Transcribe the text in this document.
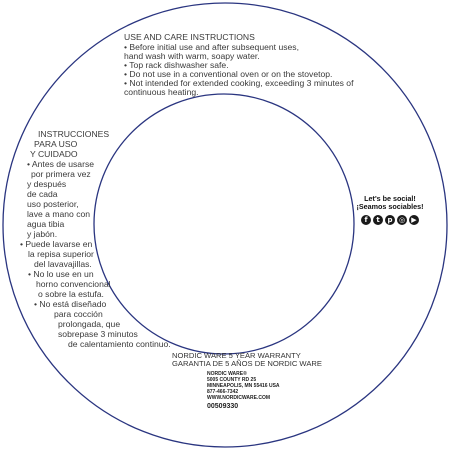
USE AND CARE INSTRUCTIONS
• Before initial use and after subsequent uses,
hand wash with warm, soapy water.
• Top rack dishwasher safe.
• Do not use in a conventional oven or on the stovetop.
• Not intended for extended cooking, exceeding 3 minutes of
continuous heating.
INSTRUCCIONES
PARA USO
Y CUIDADO
• Antes de usarse
por primera vez
y después
de cada
uso posterior,
lave a mano con
agua tibia
y jabón.
• Puede lavarse en
la repisa superior
del lavavajillas.
• No lo use en un
horno convencional
o sobre la estufa.
• No está diseñado
para cocción
prolongada, que
sobrepase 3 minutos
de calentamiento continuo.
Let's be social!
¡Seamos sociables!
f	t	p ◎ ▶
NORDIC WARE 5 YEAR WARRANTY
GARANTIA DE 5 AÑOS DE NORDIC WARE
NORDIC WARE®
5005 COUNTY RD 25
MINNEAPOLIS, MN 55416 USA
877-466-7342
WWW.NORDICWARE.COM
00509330
